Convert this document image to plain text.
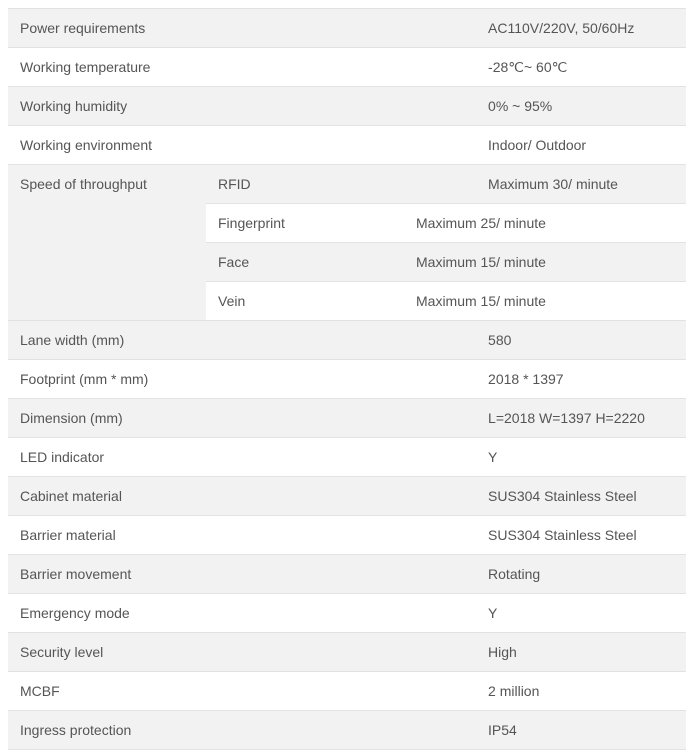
Power requirements			AC110V/220V, 50/60Hz
Working temperature			-28℃~ 60℃
Working humidity			0% ~ 95%
Working environment			Indoor/ Outdoor
Speed of throughput	RFID		Maximum 30/ minute
	Fingerprint	Maximum 25/ minute	
	Face	Maximum 15/ minute	
	Vein	Maximum 15/ minute	
Lane width (mm)			580
Footprint (mm * mm)			2018 * 1397
Dimension (mm)			L=2018 W=1397 H=2220
LED indicator			Y
Cabinet material			SUS304 Stainless Steel
Barrier material			SUS304 Stainless Steel
Barrier movement			Rotating
Emergency mode			Y
Security level			High
MCBF			2 million
Ingress protection			IP54
